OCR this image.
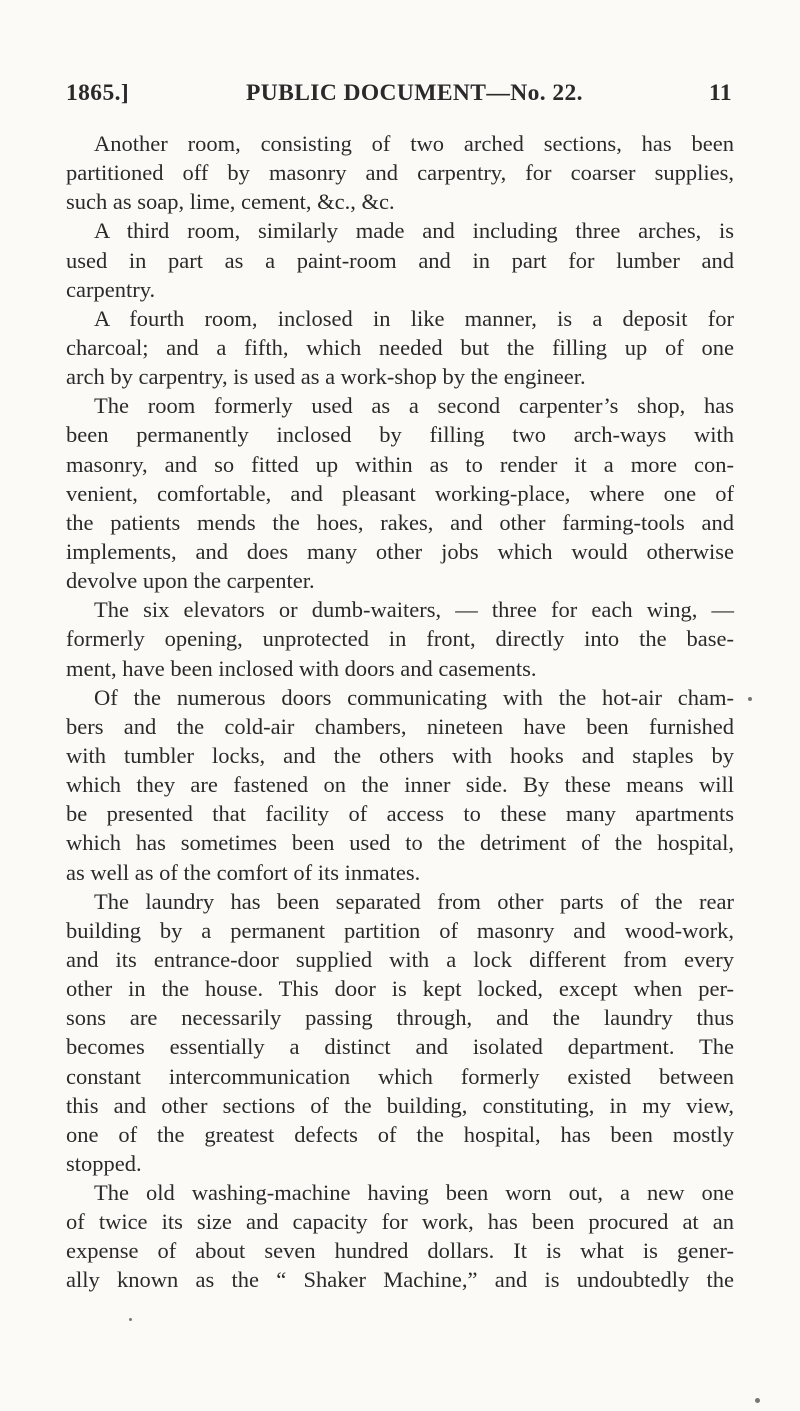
1865.]	PUBLIC DOCUMENT—No. 22.	11
Another room, consisting of two arched sections, has been
partitioned off by masonry and carpentry, for coarser supplies,
such as soap, lime, cement, &c., &c.
A third room, similarly made and including three arches, is
used in part as a paint-room and in part for lumber and
carpentry.
A fourth room, inclosed in like manner, is a deposit for
charcoal; and a fifth, which needed but the filling up of one
arch by carpentry, is used as a work-shop by the engineer.
The room formerly used as a second carpenter’s shop, has
been permanently inclosed by filling two arch-ways with
masonry, and so fitted up within as to render it a more con-
venient, comfortable, and pleasant working-place, where one of
the patients mends the hoes, rakes, and other farming-tools and
implements, and does many other jobs which would otherwise
devolve upon the carpenter.
The six elevators or dumb-waiters, — three for each wing, —
formerly opening, unprotected in front, directly into the base-
ment, have been inclosed with doors and casements.
Of the numerous doors communicating with the hot-air cham-
bers and the cold-air chambers, nineteen have been furnished
with tumbler locks, and the others with hooks and staples by
which they are fastened on the inner side. By these means will
be presented that facility of access to these many apartments
which has sometimes been used to the detriment of the hospital,
as well as of the comfort of its inmates.
The laundry has been separated from other parts of the rear
building by a permanent partition of masonry and wood-work,
and its entrance-door supplied with a lock different from every
other in the house. This door is kept locked, except when per-
sons are necessarily passing through, and the laundry thus
becomes essentially a distinct and isolated department. The
constant intercommunication which formerly existed between
this and other sections of the building, constituting, in my view,
one of the greatest defects of the hospital, has been mostly
stopped.
The old washing-machine having been worn out, a new one
of twice its size and capacity for work, has been procured at an
expense of about seven hundred dollars. It is what is gener-
ally known as the “ Shaker Machine,” and is undoubtedly the
